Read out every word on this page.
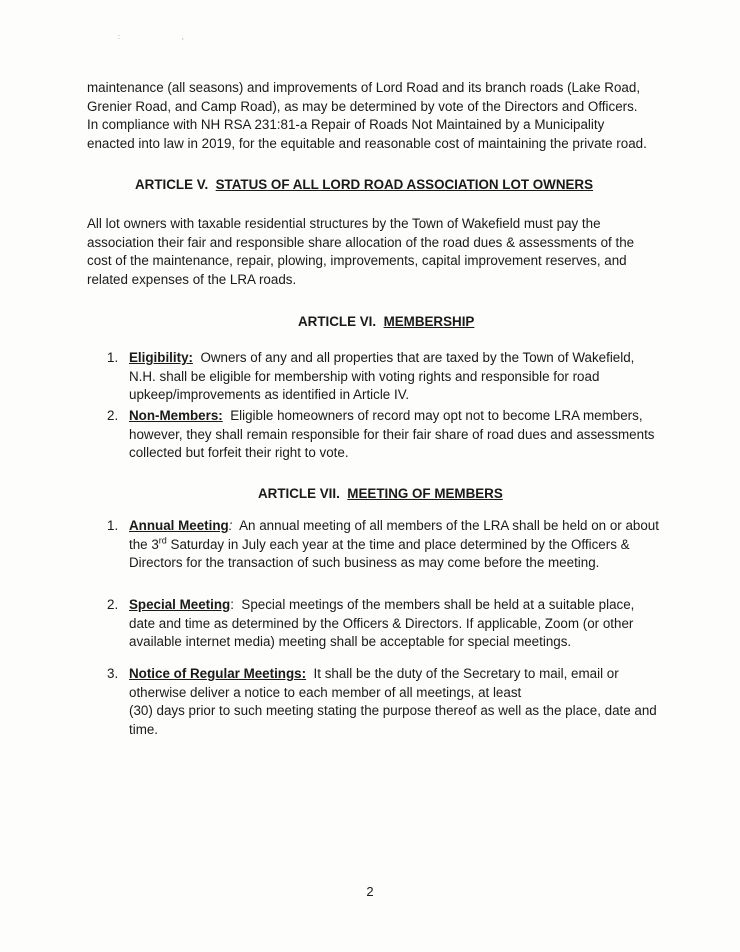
: ,

maintenance (all seasons) and improvements of Lord Road and its branch roads (Lake Road, Grenier Road, and Camp Road), as may be determined by vote of the Directors and Officers. In compliance with NH RSA 231:81-a Repair of Roads Not Maintained by a Municipality enacted into law in 2019, for the equitable and reasonable cost of maintaining the private road.

ARTICLE V. STATUS OF ALL LORD ROAD ASSOCIATION LOT OWNERS

All lot owners with taxable residential structures by the Town of Wakefield must pay the association their fair and responsible share allocation of the road dues & assessments of the cost of the maintenance, repair, plowing, improvements, capital improvement reserves, and related expenses of the LRA roads.

ARTICLE VI. MEMBERSHIP

1. Eligibility: Owners of any and all properties that are taxed by the Town of Wakefield, N.H. shall be eligible for membership with voting rights and responsible for road upkeep/improvements as identified in Article IV.
2. Non-Members: Eligible homeowners of record may opt not to become LRA members, however, they shall remain responsible for their fair share of road dues and assessments collected but forfeit their right to vote.

ARTICLE VII. MEETING OF MEMBERS

1. Annual Meeting: An annual meeting of all members of the LRA shall be held on or about the 3rd Saturday in July each year at the time and place determined by the Officers & Directors for the transaction of such business as may come before the meeting.
2. Special Meeting: Special meetings of the members shall be held at a suitable place, date and time as determined by the Officers & Directors. If applicable, Zoom (or other available internet media) meeting shall be acceptable for special meetings.
3. Notice of Regular Meetings: It shall be the duty of the Secretary to mail, email or otherwise deliver a notice to each member of all meetings, at least
(30) days prior to such meeting stating the purpose thereof as well as the place, date and time.
2
